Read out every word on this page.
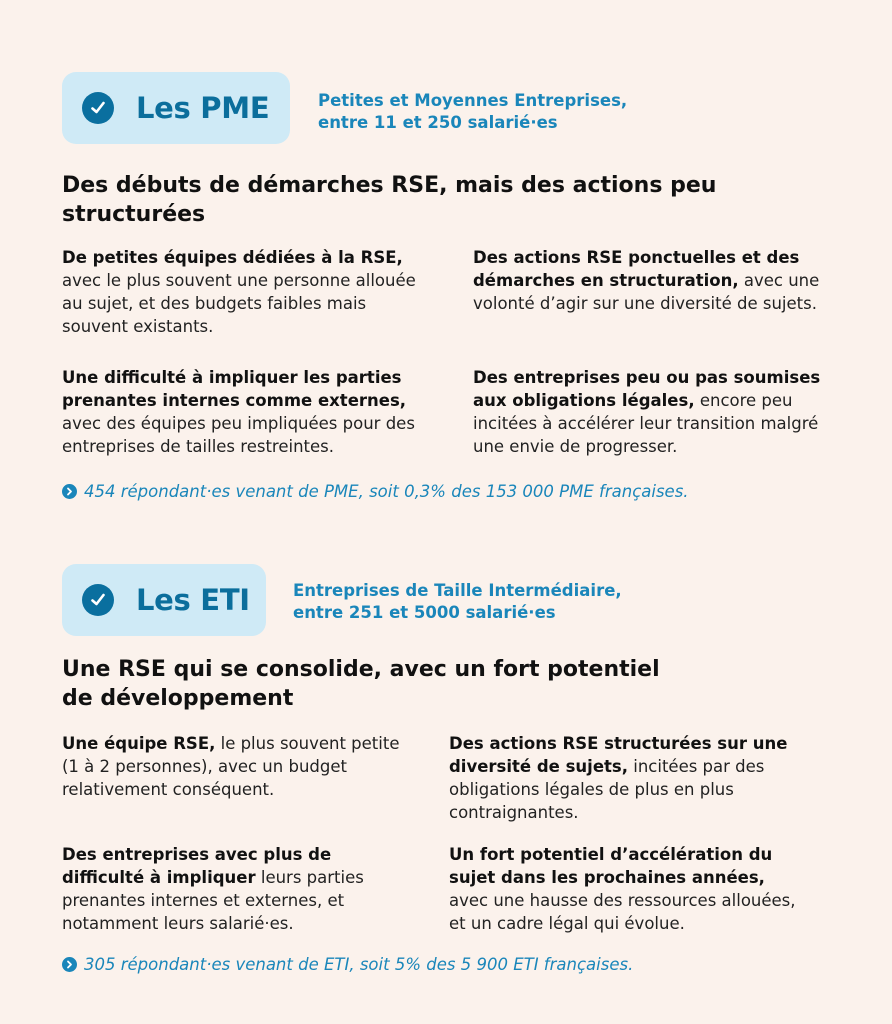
Les PME	Petites et Moyennes Entreprises,
entre 11 et 250 salarié·es
Des débuts de démarches RSE, mais des actions peu structurées
De petites équipes dédiées à la RSE, avec le plus souvent une personne allouée au sujet, et des budgets faibles mais souvent existants.
Des actions RSE ponctuelles et des démarches en structuration, avec une volonté d’agir sur une diversité de sujets.
Une difficulté à impliquer les parties prenantes internes comme externes, avec des équipes peu impliquées pour des entreprises de tailles restreintes.
Des entreprises peu ou pas soumises aux obligations légales, encore peu incitées à accélérer leur transition malgré une envie de progresser.
454 répondant·es venant de PME, soit 0,3% des 153 000 PME françaises.
Les ETI	Entreprises de Taille Intermédiaire,
entre 251 et 5000 salarié·es
Une RSE qui se consolide, avec un fort potentiel de développement
Une équipe RSE, le plus souvent petite (1 à 2 personnes), avec un budget relativement conséquent.
Des actions RSE structurées sur une diversité de sujets, incitées par des obligations légales de plus en plus contraignantes.
Des entreprises avec plus de difficulté à impliquer leurs parties prenantes internes et externes, et notamment leurs salarié·es.
Un fort potentiel d’accélération du sujet dans les prochaines années, avec une hausse des ressources allouées, et un cadre légal qui évolue.
305 répondant·es venant de ETI, soit 5% des 5 900 ETI françaises.
